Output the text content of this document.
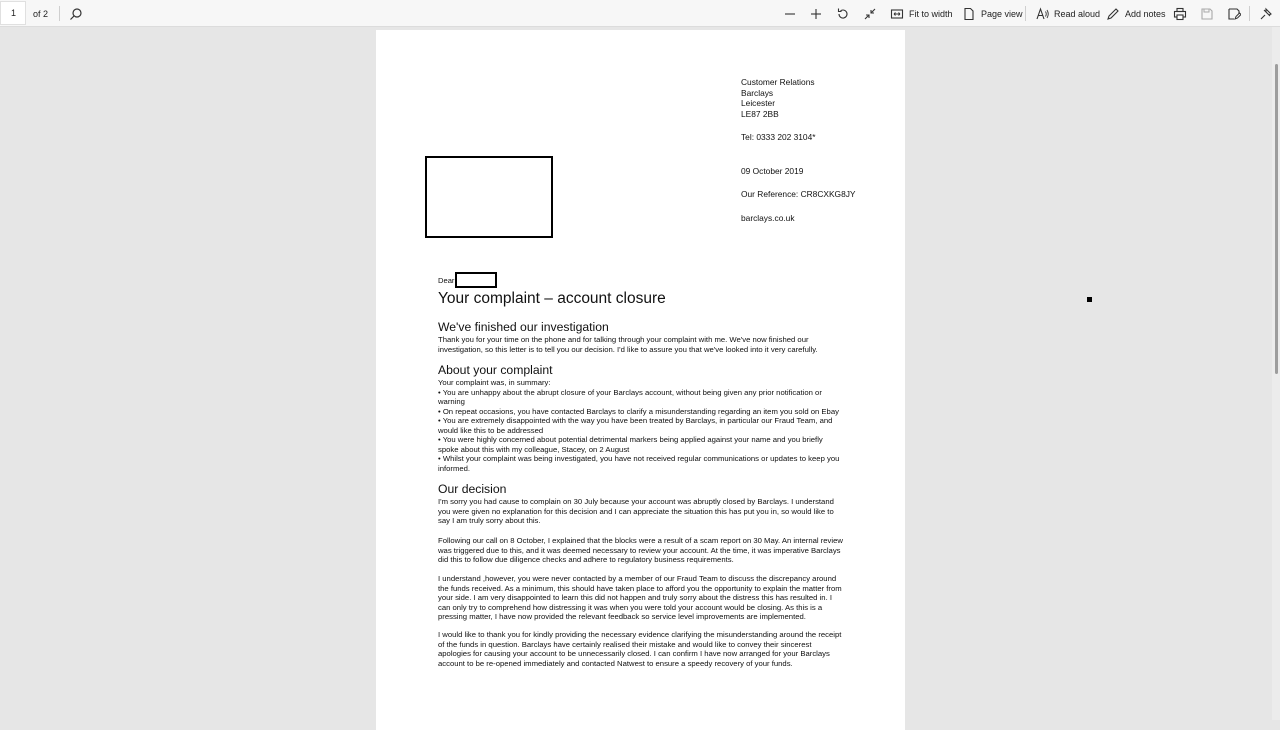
1	of 2	Fit to width	Page view	Read aloud	Add notes
Customer Relations
Barclays
Leicester
LE87 2BB
Tel: 0333 202 3104*
09 October 2019
Our Reference: CR8CXKG8JY
barclays.co.uk
Dear
Your complaint – account closure
We've finished our investigation

Thank you for your time on the phone and for talking through your complaint with me. We've now finished our investigation, so this letter is to tell you our decision. I'd like to assure you that we've looked into it very carefully.

About your complaint

Your complaint was, in summary:

• You are unhappy about the abrupt closure of your Barclays account, without being given any prior notification or warning

• On repeat occasions, you have contacted Barclays to clarify a misunderstanding regarding an item you sold on Ebay

• You are extremely disappointed with the way you have been treated by Barclays, in particular our Fraud Team, and would like this to be addressed

• You were highly concerned about potential detrimental markers being applied against your name and you briefly spoke about this with my colleague, Stacey, on 2 August

• Whilst your complaint was being investigated, you have not received regular communications or updates to keep you informed.

Our decision

I'm sorry you had cause to complain on 30 July because your account was abruptly closed by Barclays. I understand you were given no explanation for this decision and I can appreciate the situation this has put you in, so would like to say I am truly sorry about this.

Following our call on 8 October, I explained that the blocks were a result of a scam report on 30 May. An internal review was triggered due to this, and it was deemed necessary to review your account. At the time, it was imperative Barclays did this to follow due diligence checks and adhere to regulatory business requirements.

I understand ,however, you were never contacted by a member of our Fraud Team to discuss the discrepancy around the funds received. As a minimum, this should have taken place to afford you the opportunity to explain the matter from your side. I am very disappointed to learn this did not happen and truly sorry about the distress this has resulted in. I can only try to comprehend how distressing it was when you were told your account would be closing. As this is a pressing matter, I have now provided the relevant feedback so service level improvements are implemented.

I would like to thank you for kindly providing the necessary evidence clarifying the misunderstanding around the receipt of the funds in question. Barclays have certainly realised their mistake and would like to convey their sincerest apologies for causing your account to be unnecessarily closed. I can confirm I have now arranged for your Barclays account to be re-opened immediately and contacted Natwest to ensure a speedy recovery of your funds.
